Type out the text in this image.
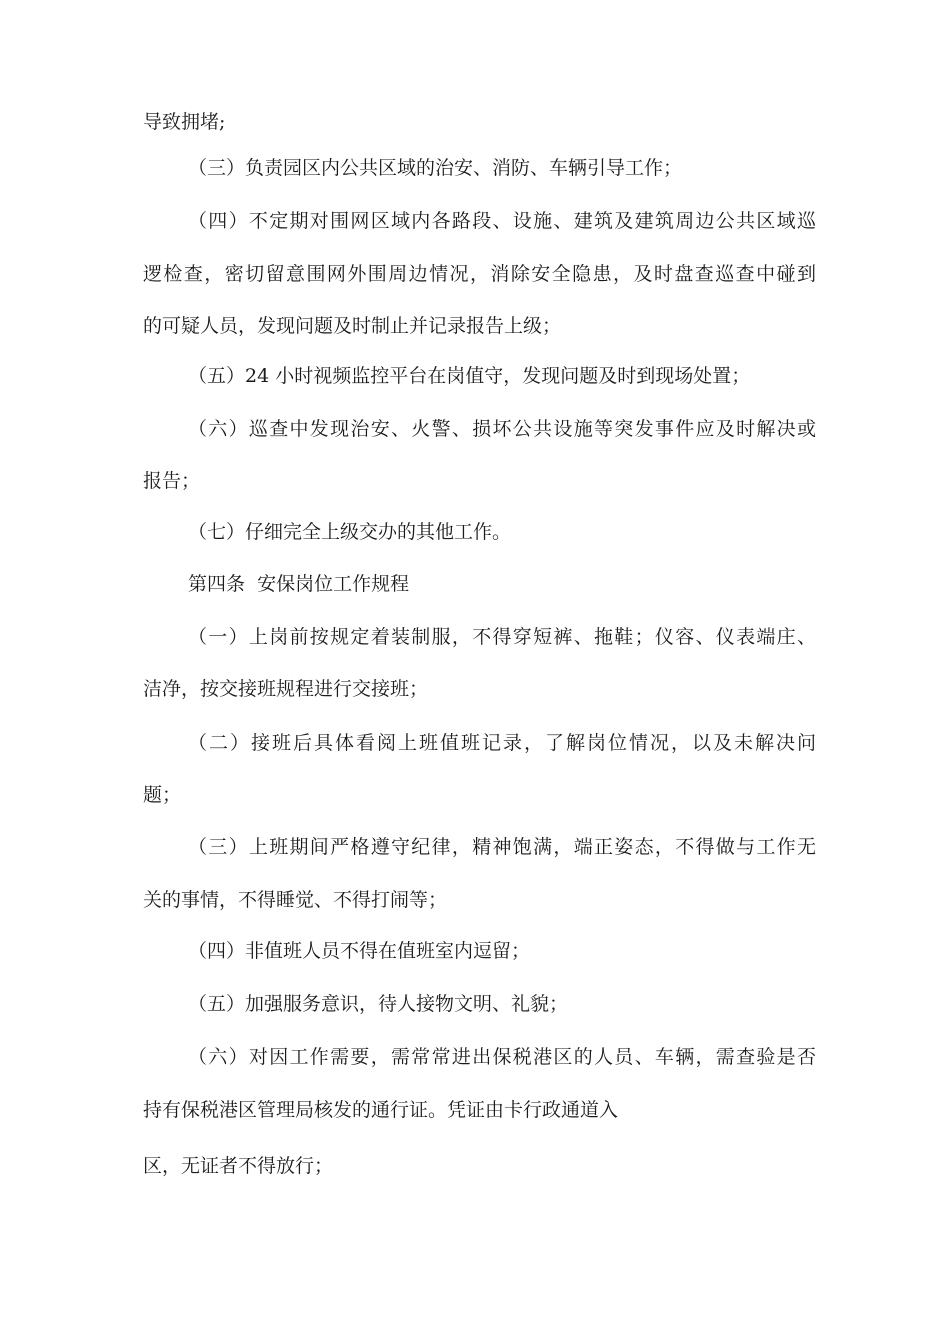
导致拥堵;

（三）负责园区内公共区域的治安、消防、车辆引导工作；

（四）不定期对围网区域内各路段、设施、建筑及建筑周边公共区域巡

逻检查，密切留意围网外围周边情况，消除安全隐患，及时盘查巡查中碰到

的可疑人员，发现问题及时制止并记录报告上级；

（五）24 小时视频监控平台在岗值守，发现问题及时到现场处置；

（六）巡查中发现治安、火警、损坏公共设施等突发事件应及时解决或

报告；

（七）仔细完全上级交办的其他工作。

第四条  安保岗位工作规程

（一）上岗前按规定着装制服，不得穿短裤、拖鞋；仪容、仪表端庄、

洁净，按交接班规程进行交接班；

（二）接班后具体看阅上班值班记录，了解岗位情况，以及未解决问

题；

（三）上班期间严格遵守纪律，精神饱满，端正姿态，不得做与工作无

关的事情，不得睡觉、不得打闹等；

（四）非值班人员不得在值班室内逗留；

（五）加强服务意识，待人接物文明、礼貌；

（六）对因工作需要，需常常进出保税港区的人员、车辆，需查验是否

持有保税港区管理局核发的通行证。凭证由卡行政通道入

区，无证者不得放行；
